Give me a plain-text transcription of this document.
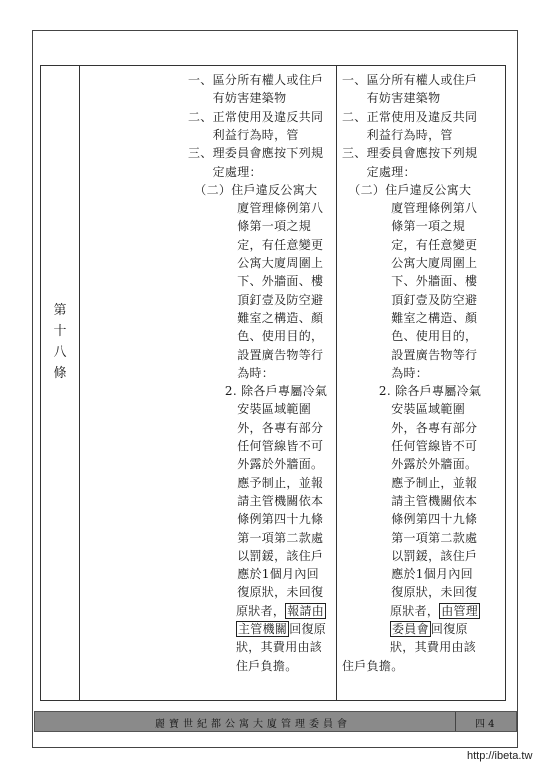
第
十
八
條
一、區分所有權人或住戶
　　有妨害建築物
二、正常使用及違反共同
　　利益行為時，管
三、理委員會應按下列規
　　定處理：
　（二）住戶違反公寓大
　　　　廈管理條例第八
　　　　條第一項之規
　　　　定，有任意變更
　　　　公寓大廈周圍上
　　　　下、外牆面、樓
　　　　頂釘壹及防空避
　　　　難室之構造、顏
　　　　色、使用目的，
　　　　設置廣告物等行
　　　　為時：
　　　2. 除各戶專屬冷氣
　　　　安裝區域範圍
　　　　外，各專有部分
　　　　任何管線皆不可
　　　　外露於外牆面。
　　　　應予制止，並報
　　　　請主管機關依本
　　　　條例第四十九條
　　　　第一項第二款處
　　　　以罰鍰，該住戶
　　　　應於1個月內回
　　　　復原狀，未回復
原狀者， 報請由
主管機關 回復原
狀，其費用由該
住戶負擔。
一、區分所有權人或住戶
　　有妨害建築物
二、正常使用及違反共同
　　利益行為時，管
三、理委員會應按下列規
　　定處理：
　（二）住戶違反公寓大
　　　　廈管理條例第八
　　　　條第一項之規
　　　　定，有任意變更
　　　　公寓大廈周圍上
　　　　下、外牆面、樓
　　　　頂釘壹及防空避
　　　　難室之構造、顏
　　　　色、使用目的，
　　　　設置廣告物等行
　　　　為時：
　　　2. 除各戶專屬冷氣
　　　　安裝區域範圍
　　　　外，各專有部分
　　　　任何管線皆不可
　　　　外露於外牆面。
　　　　應予制止，並報
　　　　請主管機關依本
　　　　條例第四十九條
　　　　第一項第二款處
　　　　以罰鍰，該住戶
　　　　應於1個月內回
　　　　復原狀，未回復
原狀者， 由管理
委員會 回復原
狀，其費用由該
住戶負擔。
麗寶世紀都公寓大廈管理委員會	四 4
http://ibeta.tw
